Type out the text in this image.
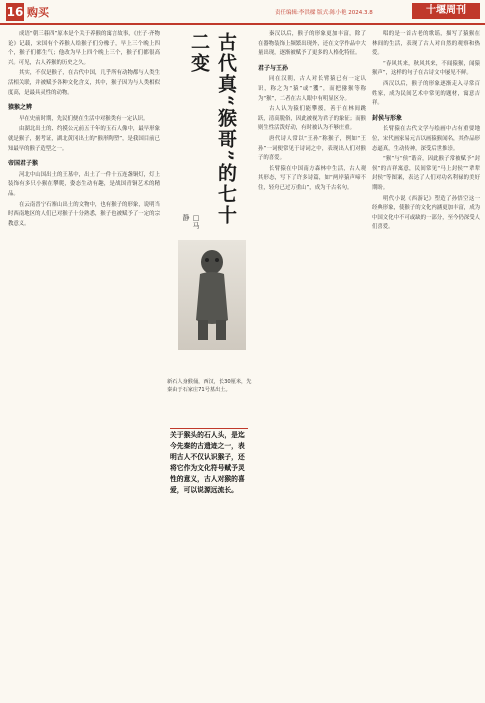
16 购买	责任编辑:李洪樑 版式:陈小艳 2024.3.8	十堰周刊

成语“朝三暮四”原本是个关于养猴的寓言故事，《庄子·齐物论》记载，宋国有个养猴人给猴子们分橡子，早上三个晚上四个，猴子们都生气；他改为早上四个晚上三个，猴子们都很高兴。可见，古人养猴的历史之久。

其实，不仅是猴子，在古代中国，几乎所有动物都与人类生活相关联，并被赋予各种文化含义，其中，猴子因为与人类相似度高，是最具灵性的动物。

猿猴之辨

早在史前时期，先民们便在生活中对猴类有一定认识。

由湖北出土的、约摸公元前五千年的玉石人像中，最早形象就是猴子，据考证，湖北黄冈出土的“猴形陶塑”，是我国目前已知最早的猴子造型之一。

帝国君子猴

河北中山国出土的王墓中，出土了一件十五连盏铜灯，灯上装饰有多只小猴在攀爬，姿态生动有趣，是战国青铜艺术的精品。

在云南晋宁石寨山出土的文物中，也有猴子的形象，说明当时西南地区的人们已对猴子十分熟悉，猴子也被赋予了一定的宗教意义。	古代真“猴哥”的七十二变
□马静
新石人身猴俑，西汉，长30厘米，先秦由于石家庄71号墓出土。
关于猴头的石人头，是迄今先秦的古遗迹之一，表明古人不仅认识猴子，还将它作为文化符号赋予灵性的意义，古人对猴的喜爱，可以说源远流长。

秦汉以后，猴子的形象更加丰富，除了在器物装饰上频繁出现外，还在文学作品中大量出现，逐渐被赋予了更多的人格化特征。

君子与王孙

同在汉朝，古人对长臂猿已有一定认识，称之为“猿”或“玃”，而把猕猴等称为“猴”，二者在古人眼中有明显区分。

古人认为猿们能攀援，善于在林间跳跃，清高脱俗，因此被视为君子的象征；而猴则生性活泼好动，有时被认为不够庄重。

唐代诗人常以“王孙”称猴子，例如“王孙”一词便常见于诗词之中，表现出人们对猴子的喜爱。

长臂猿在中国南方森林中生活，古人观其形态，写下了许多诗篇，如“两岸猿声啼不住，轻舟已过万重山”，成为千古名句。

唱的是一首古老的歌谣，描写了猿猴在林间的生活，表现了古人对自然的观察和热爱。

“春风其来，秋风其来，不闻猿猴，闻猿猴声”，这样的句子在古诗文中屡见不鲜。

西汉以后，猴子的形象逐渐走入寻常百姓家，成为民间艺术中常见的题材，寓意吉祥。

封侯与形象

长臂猿在古代文学与绘画中占有重要地位，宋代画家易元吉以画猿猴闻名，其作品形态逼真，生动传神，深受后世推崇。

“猴”与“侯”谐音，因此猴子常被赋予“封侯”的吉祥寓意，民间常见“马上封侯”“辈辈封侯”等图案，表达了人们对功名利禄的美好期盼。

明代小说《西游记》塑造了孙悟空这一经典形象，使猴子的文化内涵更加丰富，成为中国文化中不可或缺的一部分，至今仍深受人们喜爱。
